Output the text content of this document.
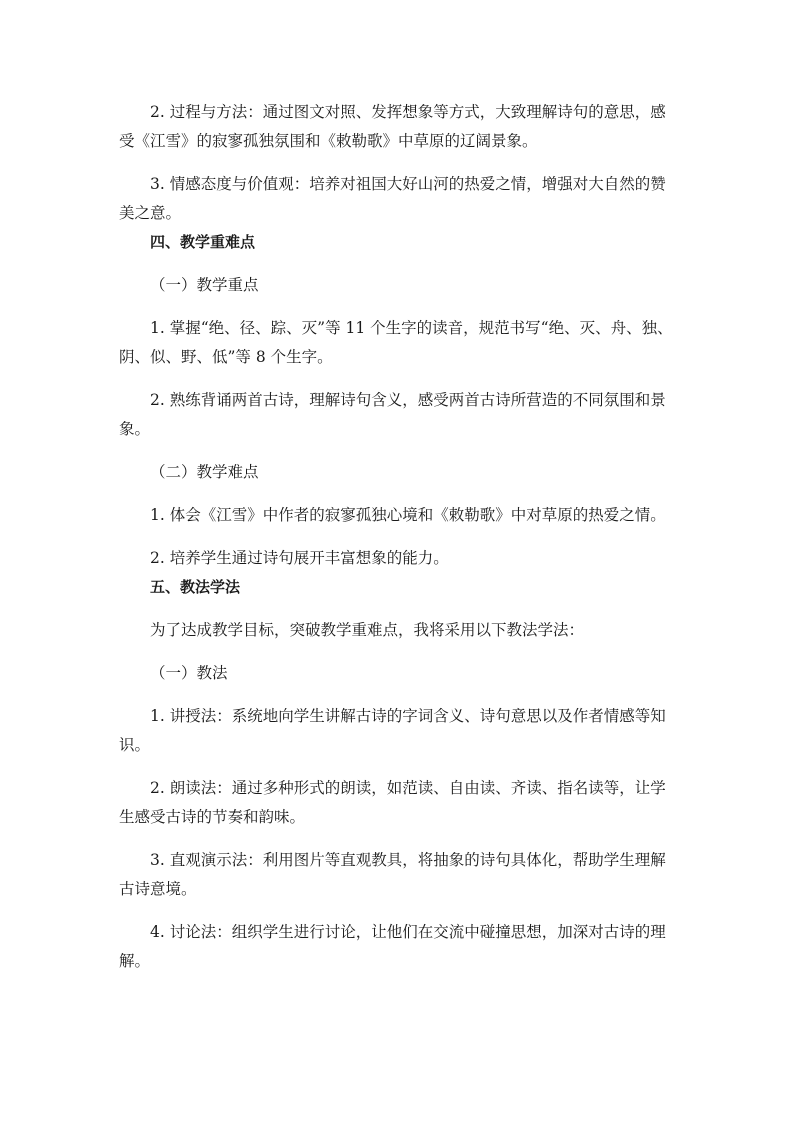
2. 过程与方法：通过图文对照、发挥想象等方式，大致理解诗句的意思，感受《江雪》的寂寥孤独氛围和《敕勒歌》中草原的辽阔景象。

3. 情感态度与价值观：培养对祖国大好山河的热爱之情，增强对大自然的赞美之意。

四、教学重难点

（一）教学重点

1. 掌握“绝、径、踪、灭”等 11 个生字的读音，规范书写“绝、灭、舟、独、阴、似、野、低”等 8 个生字。

2. 熟练背诵两首古诗，理解诗句含义，感受两首古诗所营造的不同氛围和景象。

（二）教学难点

1. 体会《江雪》中作者的寂寥孤独心境和《敕勒歌》中对草原的热爱之情。

2. 培养学生通过诗句展开丰富想象的能力。

五、教法学法

为了达成教学目标，突破教学重难点，我将采用以下教法学法：

（一）教法

1. 讲授法：系统地向学生讲解古诗的字词含义、诗句意思以及作者情感等知识。

2. 朗读法：通过多种形式的朗读，如范读、自由读、齐读、指名读等，让学生感受古诗的节奏和韵味。

3. 直观演示法：利用图片等直观教具，将抽象的诗句具体化，帮助学生理解古诗意境。

4. 讨论法：组织学生进行讨论，让他们在交流中碰撞思想，加深对古诗的理解。
